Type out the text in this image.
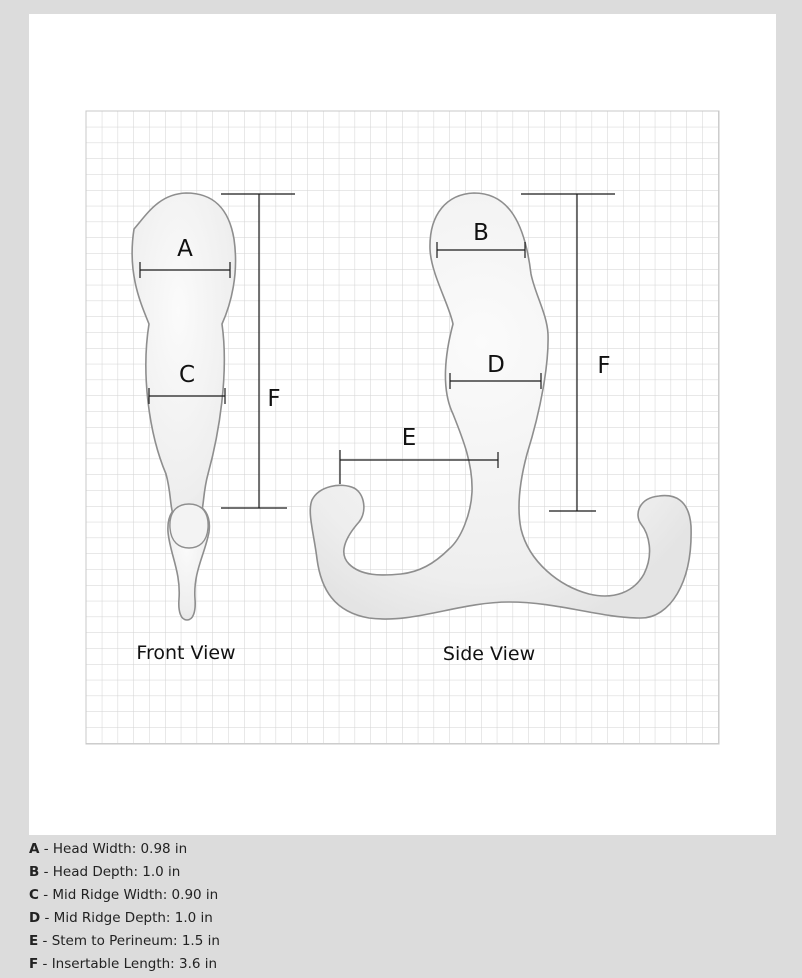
A
C
F
Front View
B
D
E
F
Side View
A - Head Width: 0.98 in
B - Head Depth: 1.0 in
C - Mid Ridge Width: 0.90 in
D - Mid Ridge Depth: 1.0 in
E - Stem to Perineum: 1.5 in
F - Insertable Length: 3.6 in
